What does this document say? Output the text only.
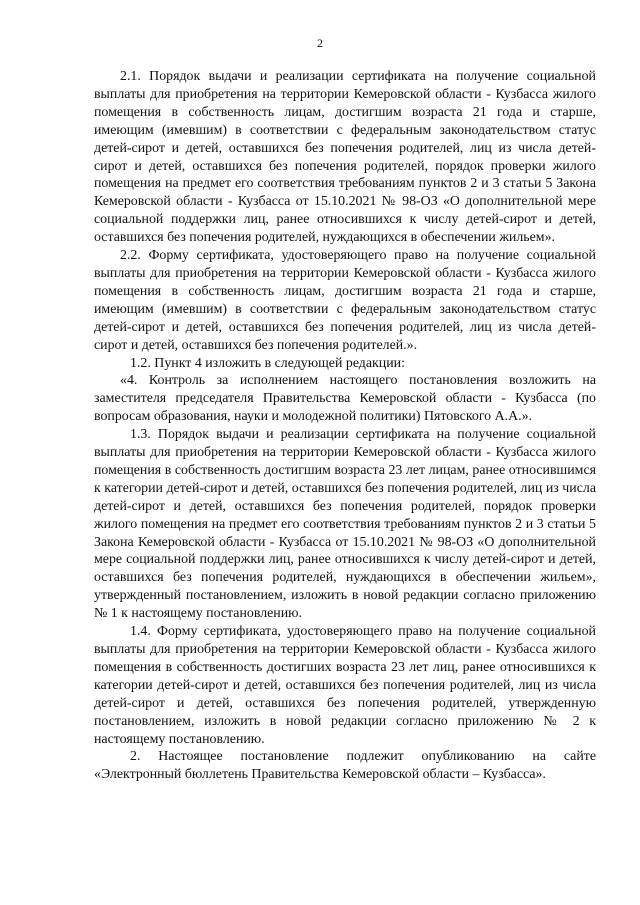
2

2.1. Порядок выдачи и реализации сертификата на получение социальной выплаты для приобретения на территории Кемеровской области - Кузбасса жилого помещения в собственность лицам, достигшим возраста 21 года и старше, имеющим (имевшим) в соответствии с федеральным законодательством статус детей-сирот и детей, оставшихся без попечения родителей, лиц из числа детей-сирот и детей, оставшихся без попечения родителей, порядок проверки жилого помещения на предмет его соответствия требованиям пунктов 2 и 3 статьи 5 Закона Кемеровской области - Кузбасса от 15.10.2021 № 98-ОЗ «О дополнительной мере социальной поддержки лиц, ранее относившихся к числу детей-сирот и детей, оставшихся без попечения родителей, нуждающихся в обеспечении жильем».

2.2. Форму сертификата, удостоверяющего право на получение социальной выплаты для приобретения на территории Кемеровской области - Кузбасса жилого помещения в собственность лицам, достигшим возраста 21 года и старше, имеющим (имевшим) в соответствии с федеральным законодательством статус детей-сирот и детей, оставшихся без попечения родителей, лиц из числа детей-сирот и детей, оставшихся без попечения родителей.».

1.2. Пункт 4 изложить в следующей редакции:

«4. Контроль за исполнением настоящего постановления возложить на заместителя председателя Правительства Кемеровской области - Кузбасса (по вопросам образования, науки и молодежной политики) Пятовского А.А.».

1.3. Порядок выдачи и реализации сертификата на получение социальной выплаты для приобретения на территории Кемеровской области - Кузбасса жилого помещения в собственность достигшим возраста 23 лет лицам, ранее относившимся к категории детей-сирот и детей, оставшихся без попечения родителей, лиц из числа детей-сирот и детей, оставшихся без попечения родителей, порядок проверки жилого помещения на предмет его соответствия требованиям пунктов 2 и 3 статьи 5 Закона Кемеровской области - Кузбасса от 15.10.2021 № 98-ОЗ «О дополнительной мере социальной поддержки лиц, ранее относившихся к числу детей-сирот и детей, оставшихся без попечения родителей, нуждающихся в обеспечении жильем», утвержденный постановлением, изложить в новой редакции согласно приложению № 1 к настоящему постановлению.

1.4. Форму сертификата, удостоверяющего право на получение социальной выплаты для приобретения на территории Кемеровской области - Кузбасса жилого помещения в собственность достигших возраста 23 лет лиц, ранее относившихся к категории детей-сирот и детей, оставшихся без попечения родителей, лиц из числа детей-сирот и детей, оставшихся без попечения родителей, утвержденную постановлением, изложить в новой редакции согласно приложению № 2 к настоящему постановлению.

2. Настоящее постановление подлежит опубликованию на сайте «Электронный бюллетень Правительства Кемеровской области – Кузбасса».
